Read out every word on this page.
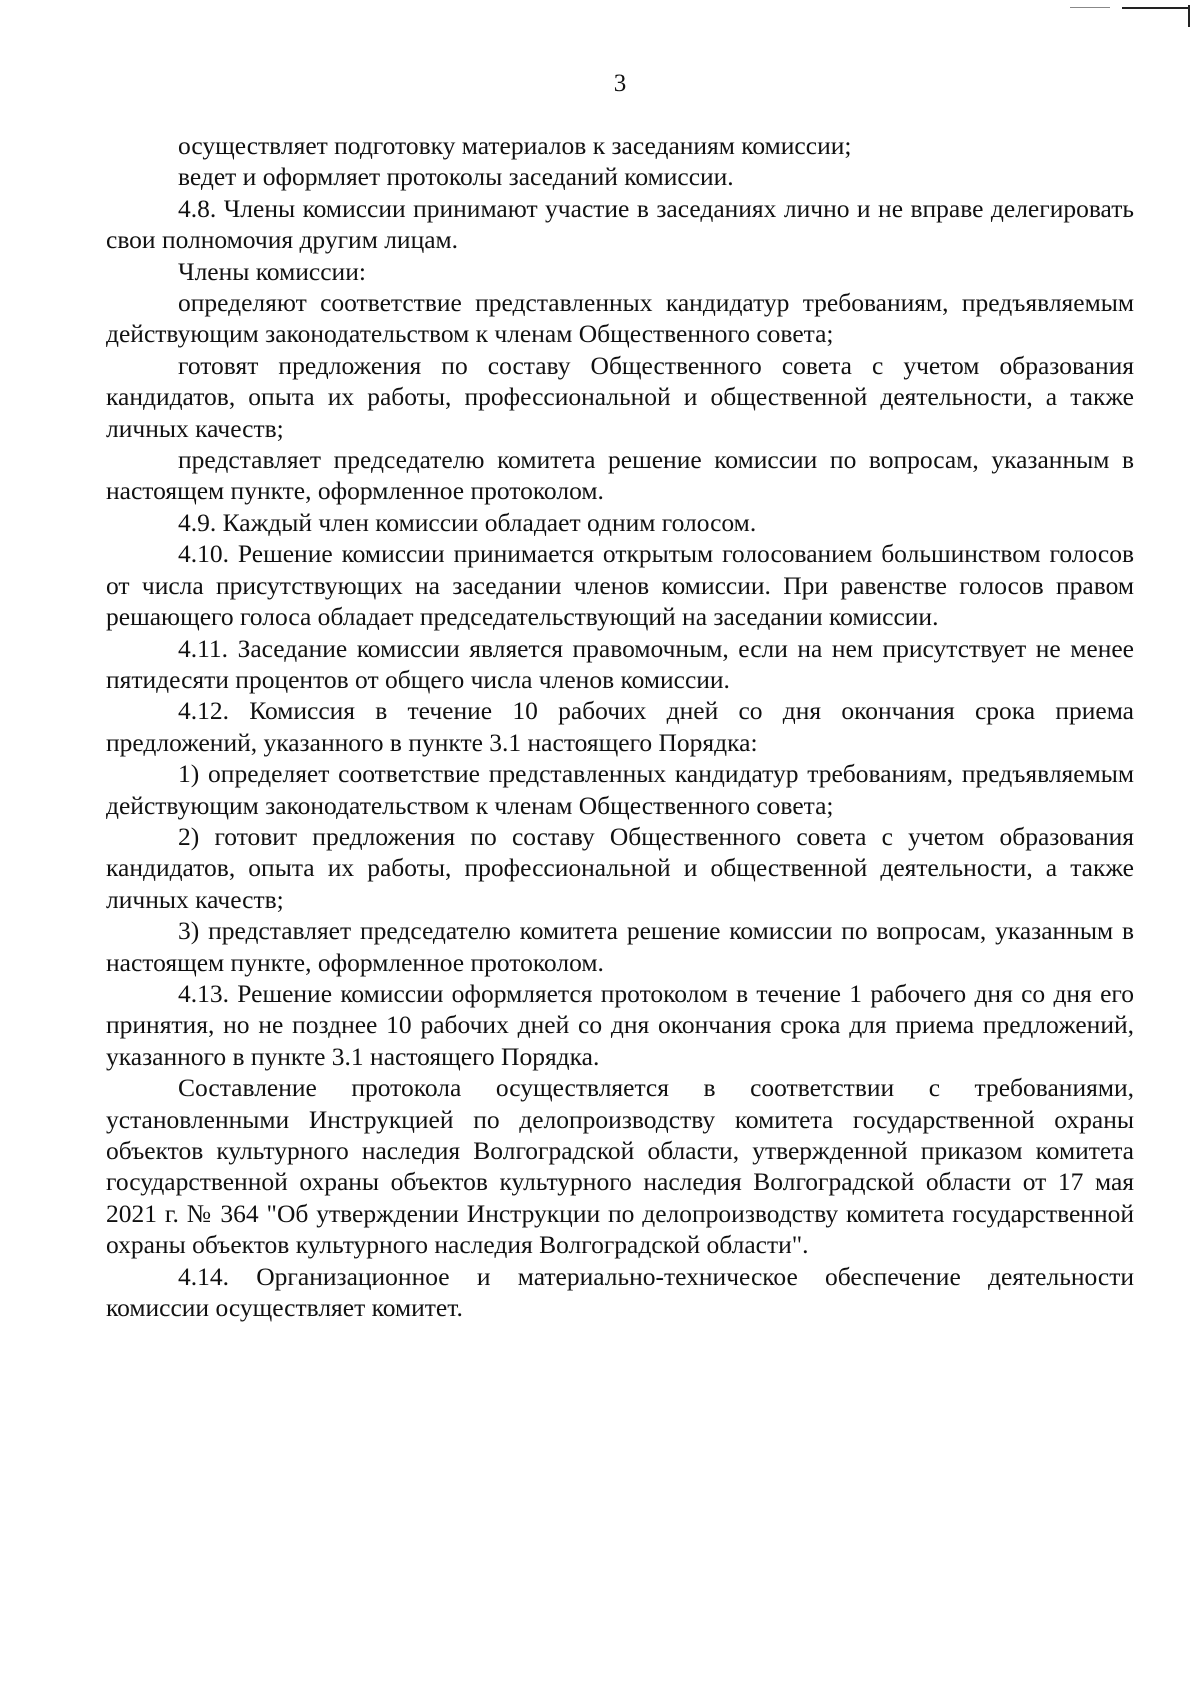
3

осуществляет подготовку материалов к заседаниям комиссии;

ведет и оформляет протоколы заседаний комиссии.

4.8. Члены комиссии принимают участие в заседаниях лично и не вправе делегировать свои полномочия другим лицам.

Члены комиссии:

определяют соответствие представленных кандидатур требованиям, предъявляемым действующим законодательством к членам Общественного совета;

готовят предложения по составу Общественного совета с учетом образования кандидатов, опыта их работы, профессиональной и общественной деятельности, а также личных качеств;

представляет председателю комитета решение комиссии по вопросам, указанным в настоящем пункте, оформленное протоколом.

4.9. Каждый член комиссии обладает одним голосом.

4.10. Решение комиссии принимается открытым голосованием большинством голосов от числа присутствующих на заседании членов комиссии. При равенстве голосов правом решающего голоса обладает председательствующий на заседании комиссии.

4.11. Заседание комиссии является правомочным, если на нем присутствует не менее пятидесяти процентов от общего числа членов комиссии.

4.12. Комиссия в течение 10 рабочих дней со дня окончания срока приема предложений, указанного в пункте 3.1 настоящего Порядка:

1) определяет соответствие представленных кандидатур требованиям, предъявляемым действующим законодательством к членам Общественного совета;

2) готовит предложения по составу Общественного совета с учетом образования кандидатов, опыта их работы, профессиональной и общественной деятельности, а также личных качеств;

3) представляет председателю комитета решение комиссии по вопросам, указанным в настоящем пункте, оформленное протоколом.

4.13. Решение комиссии оформляется протоколом в течение 1 рабочего дня со дня его принятия, но не позднее 10 рабочих дней со дня окончания срока для приема предложений, указанного в пункте 3.1 настоящего Порядка.

Составление протокола осуществляется в соответствии с требованиями, установленными Инструкцией по делопроизводству комитета государственной охраны объектов культурного наследия Волгоградской области, утвержденной приказом комитета государственной охраны объектов культурного наследия Волгоградской области от 17 мая 2021 г. № 364 "Об утверждении Инструкции по делопроизводству комитета государственной охраны объектов культурного наследия Волгоградской области".

4.14. Организационное и материально-техническое обеспечение деятельности комиссии осуществляет комитет.
